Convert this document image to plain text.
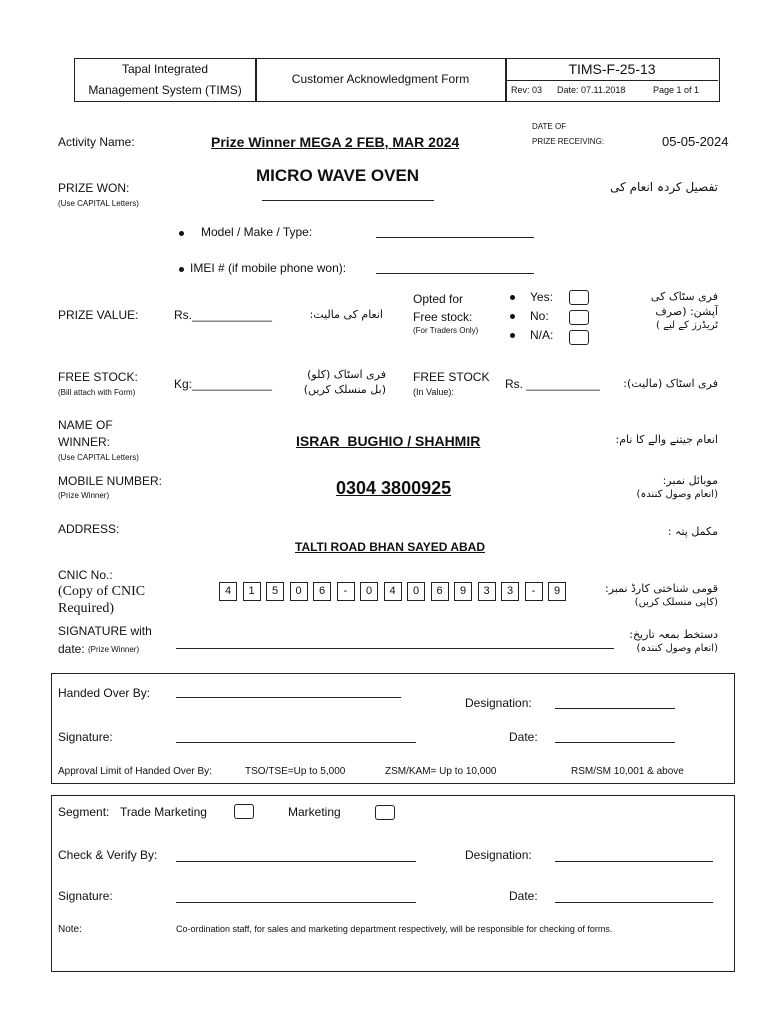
Tapal Integrated
Management System (TIMS)
Customer Acknowledgment Form
TIMS-F-25-13
Rev: 03 Date: 07.11.2018	Page 1 of 1
Activity Name:	Prize Winner MEGA 2 FEB, MAR 2024
DATE OF
PRIZE RECEIVING:	05-05-2024
PRIZE WON:
(Use CAPITAL Letters)
MICRO WAVE OVEN
تفصیل کردہ انعام کی
Model / Make / Type:
IMEI # (if mobile phone won):
PRIZE VALUE:	Rs.____________	انعام کی مالیت:
Opted for
Free stock:
(For Traders Only)
Yes:
No:
N/A:
فری سٹاک کی
آپشن: (صرف
ٹریڈرز کے لیے )
FREE STOCK:
(Bill attach with Form)
Kg:____________
فری اسٹاک (کلو)
(بل منسلک کریں)
FREE STOCK
(In Value):
Rs. ___________	فری اسٹاک (مالیت):
NAME OF
WINNER:
(Use CAPITAL Letters)
ISRAR  BUGHIO / SHAHMIR	انعام جیتنے والے کا نام:
MOBILE NUMBER:
(Prize Winner)	0304 3800925	موبائل نمبر:
(انعام وصول کنندہ)
ADDRESS:
TALTI ROAD BHAN SAYED ABAD
مکمل پتہ :
CNIC No.:
(Copy of CNIC
Required)
4	1	5	0	6	-	0	4	0	6	9	3	3	-	9	قومی شناختی کارڈ نمبر:
(کاپی منسلک کریں)
SIGNATURE with
date: (Prize Winner)
دستخط بمعہ تاریخ:
(انعام وصول کنندہ)
Handed Over By:
Designation:
Signature:	Date:
Approval Limit of Handed Over By:	TSO/TSE=Up to 5,000	ZSM/KAM= Up to 10,000	RSM/SM 10,001 & above
Segment: Trade Marketing	Marketing
Check & Verify By:	Designation:
Signature:	Date:
Note:	Co-ordination staff, for sales and marketing department respectively, will be responsible for checking of forms.
